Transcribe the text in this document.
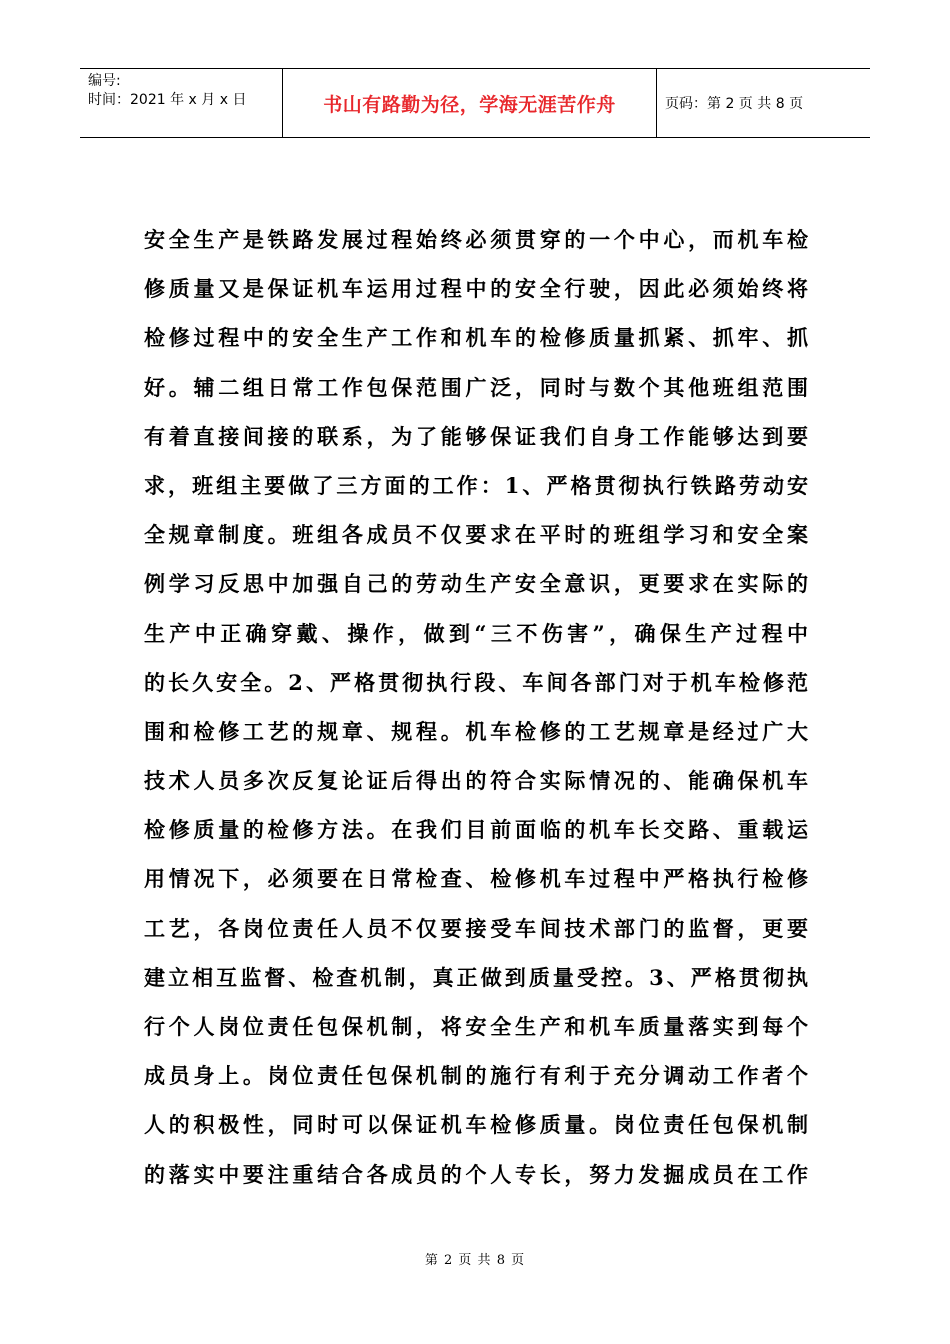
编号:
时间：2021 年 x 月 x 日	书山有路勤为径，学海无涯苦作舟	页码：第 2 页 共 8 页
安全生产是铁路发展过程始终必须贯穿的一个中心，而机车检
修质量又是保证机车运用过程中的安全行驶，因此必须始终将
检修过程中的安全生产工作和机车的检修质量抓紧、抓牢、抓
好。辅二组日常工作包保范围广泛，同时与数个其他班组范围
有着直接间接的联系，为了能够保证我们自身工作能够达到要
求，班组主要做了三方面的工作：1、严格贯彻执行铁路劳动安
全规章制度。班组各成员不仅要求在平时的班组学习和安全案
例学习反思中加强自己的劳动生产安全意识，更要求在实际的
生产中正确穿戴、操作，做到“三不伤害”，确保生产过程中
的长久安全。2、严格贯彻执行段、车间各部门对于机车检修范
围和检修工艺的规章、规程。机车检修的工艺规章是经过广大
技术人员多次反复论证后得出的符合实际情况的、能确保机车
检修质量的检修方法。在我们目前面临的机车长交路、重载运
用情况下，必须要在日常检查、检修机车过程中严格执行检修
工艺，各岗位责任人员不仅要接受车间技术部门的监督，更要
建立相互监督、检查机制，真正做到质量受控。3、严格贯彻执
行个人岗位责任包保机制，将安全生产和机车质量落实到每个
成员身上。岗位责任包保机制的施行有利于充分调动工作者个
人的积极性，同时可以保证机车检修质量。岗位责任包保机制
的落实中要注重结合各成员的个人专长，努力发掘成员在工作
第 2 页 共 8 页
